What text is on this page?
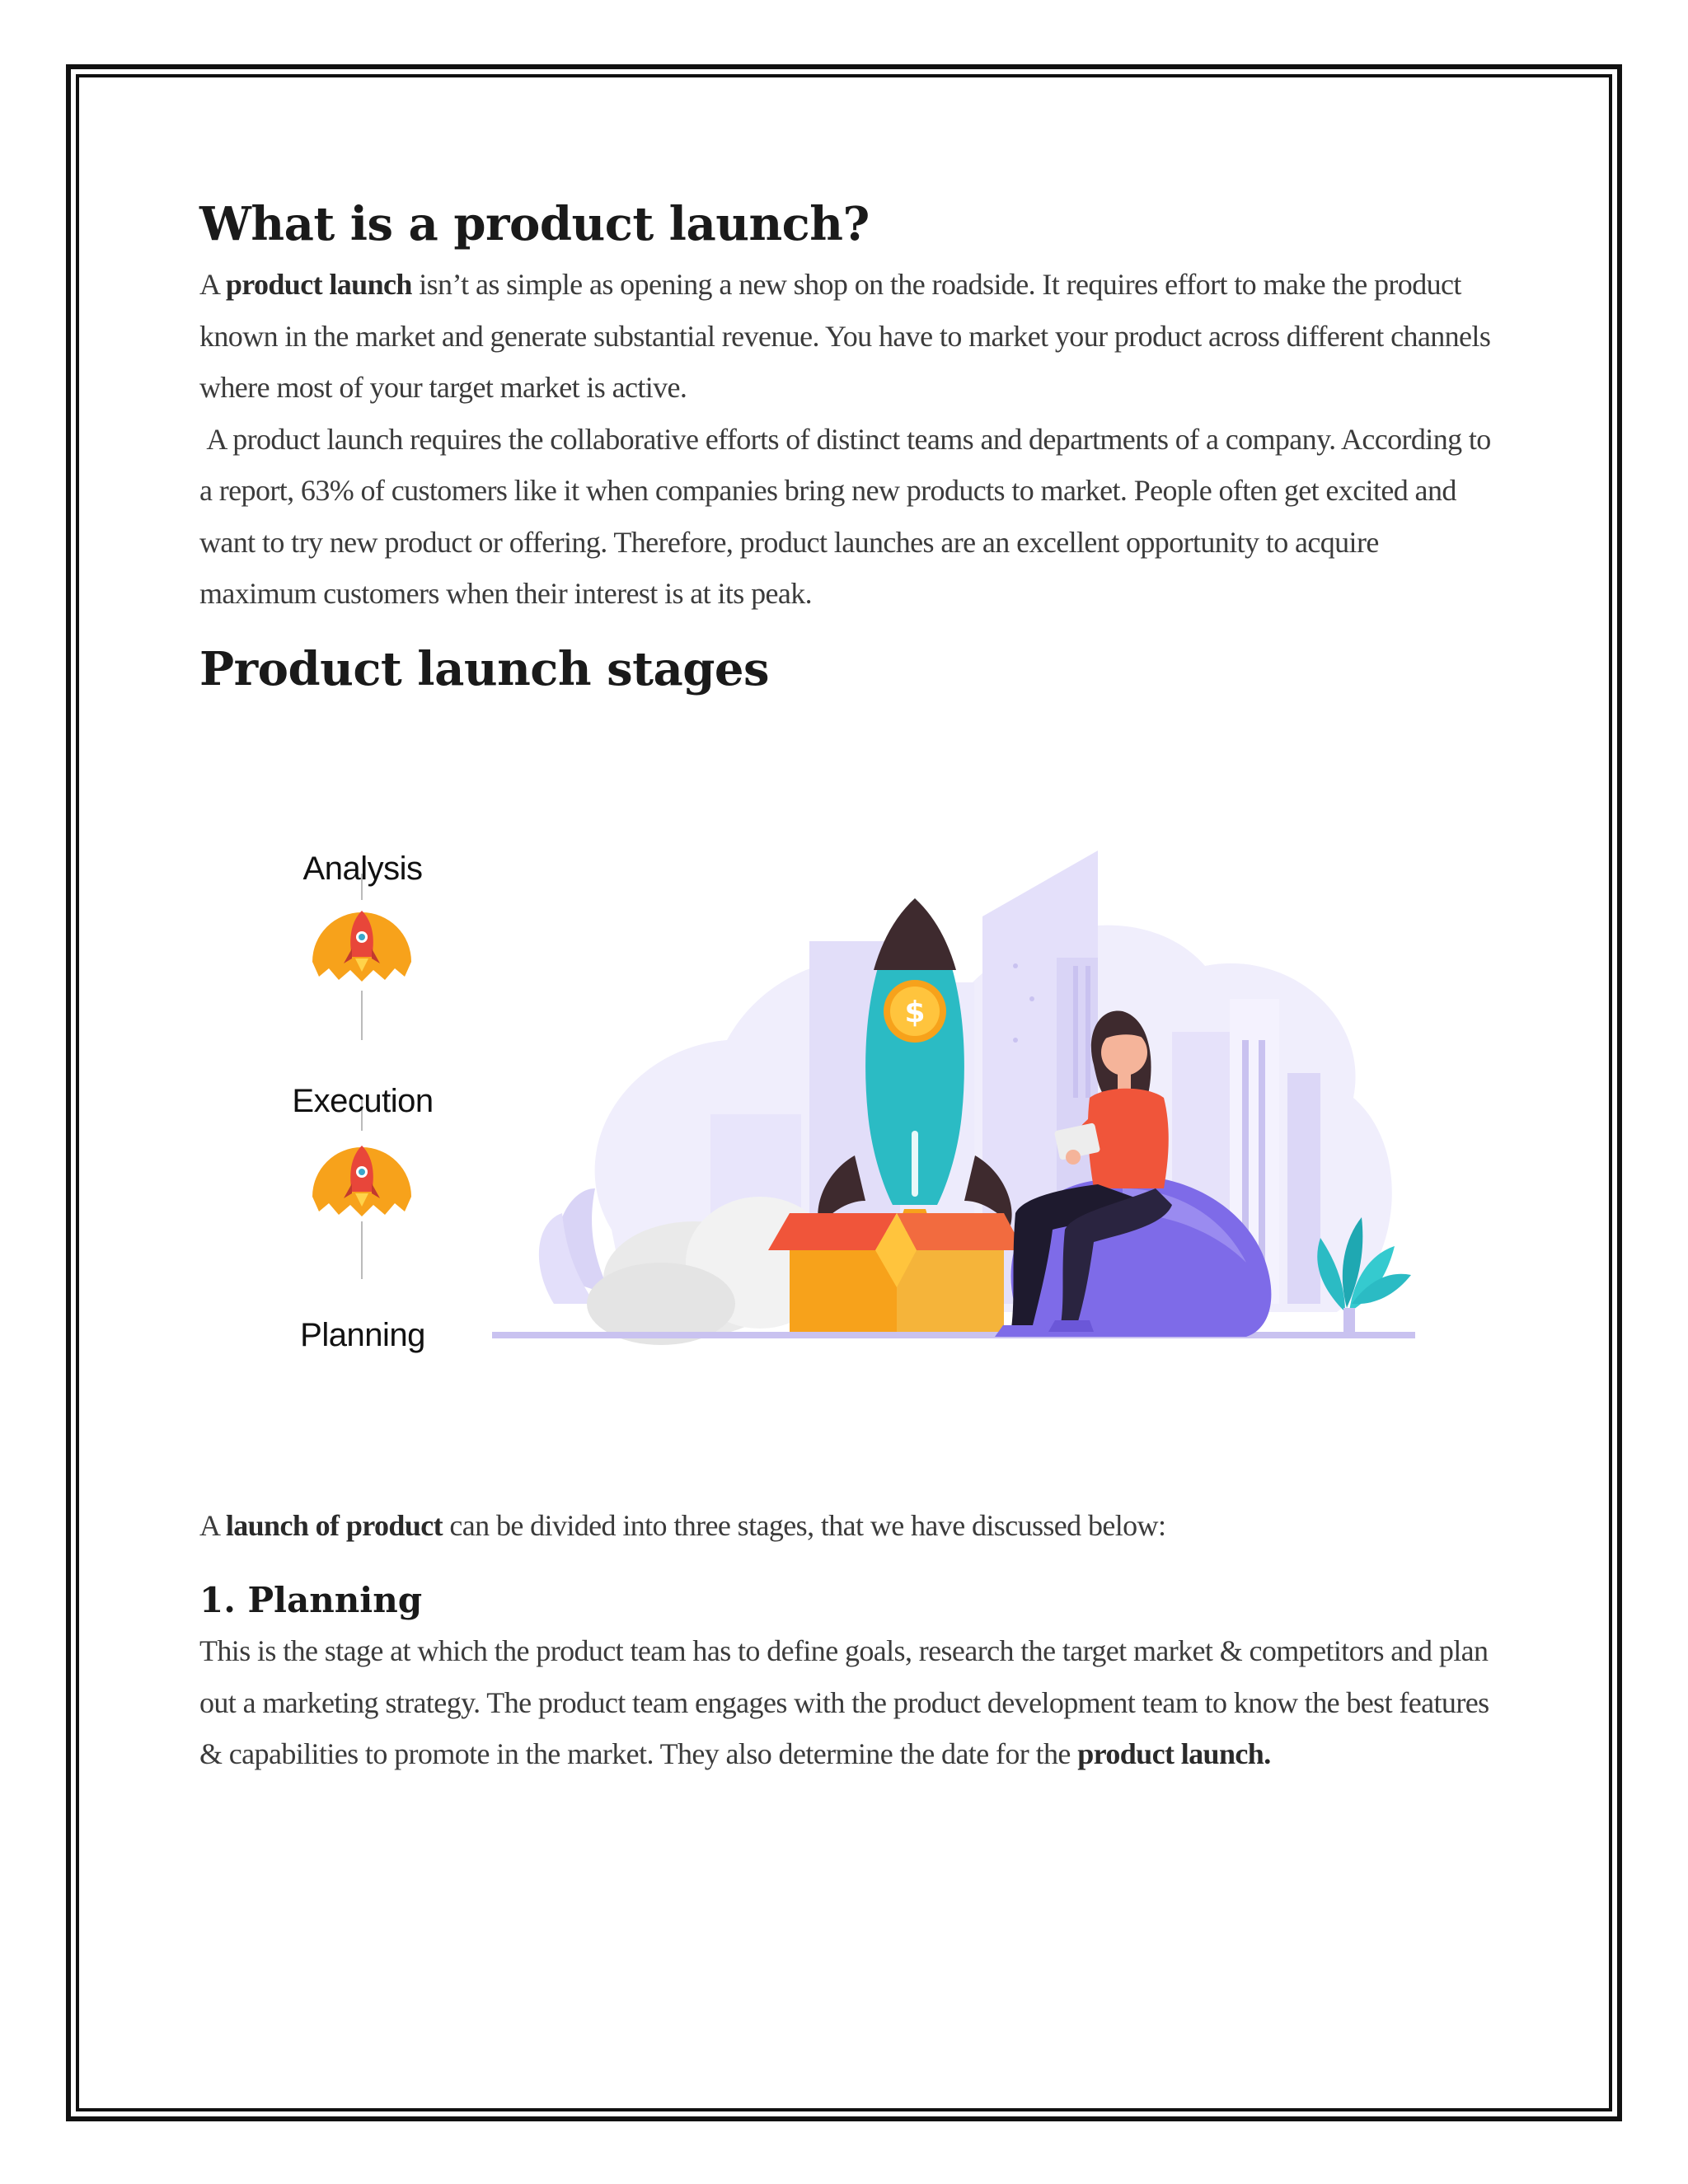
What is a product launch?

A product launch isn’t as simple as opening a new shop on the roadside. It requires effort to make the product known in the market and generate substantial revenue. You have to market your product across different channels where most of your target market is active.

A product launch requires the collaborative efforts of distinct teams and departments of a company. According to a report, 63% of customers like it when companies bring new products to market. People often get excited and want to try new product or offering. Therefore, product launches are an excellent opportunity to acquire maximum customers when their interest is at its peak.

Product launch stages
$
Analysis
Execution
Planning

A launch of product can be divided into three stages, that we have discussed below:

1. Planning

This is the stage at which the product team has to define goals, research the target market & competitors and plan out a marketing strategy. The product team engages with the product development team to know the best features & capabilities to promote in the market. They also determine the date for the product launch.
